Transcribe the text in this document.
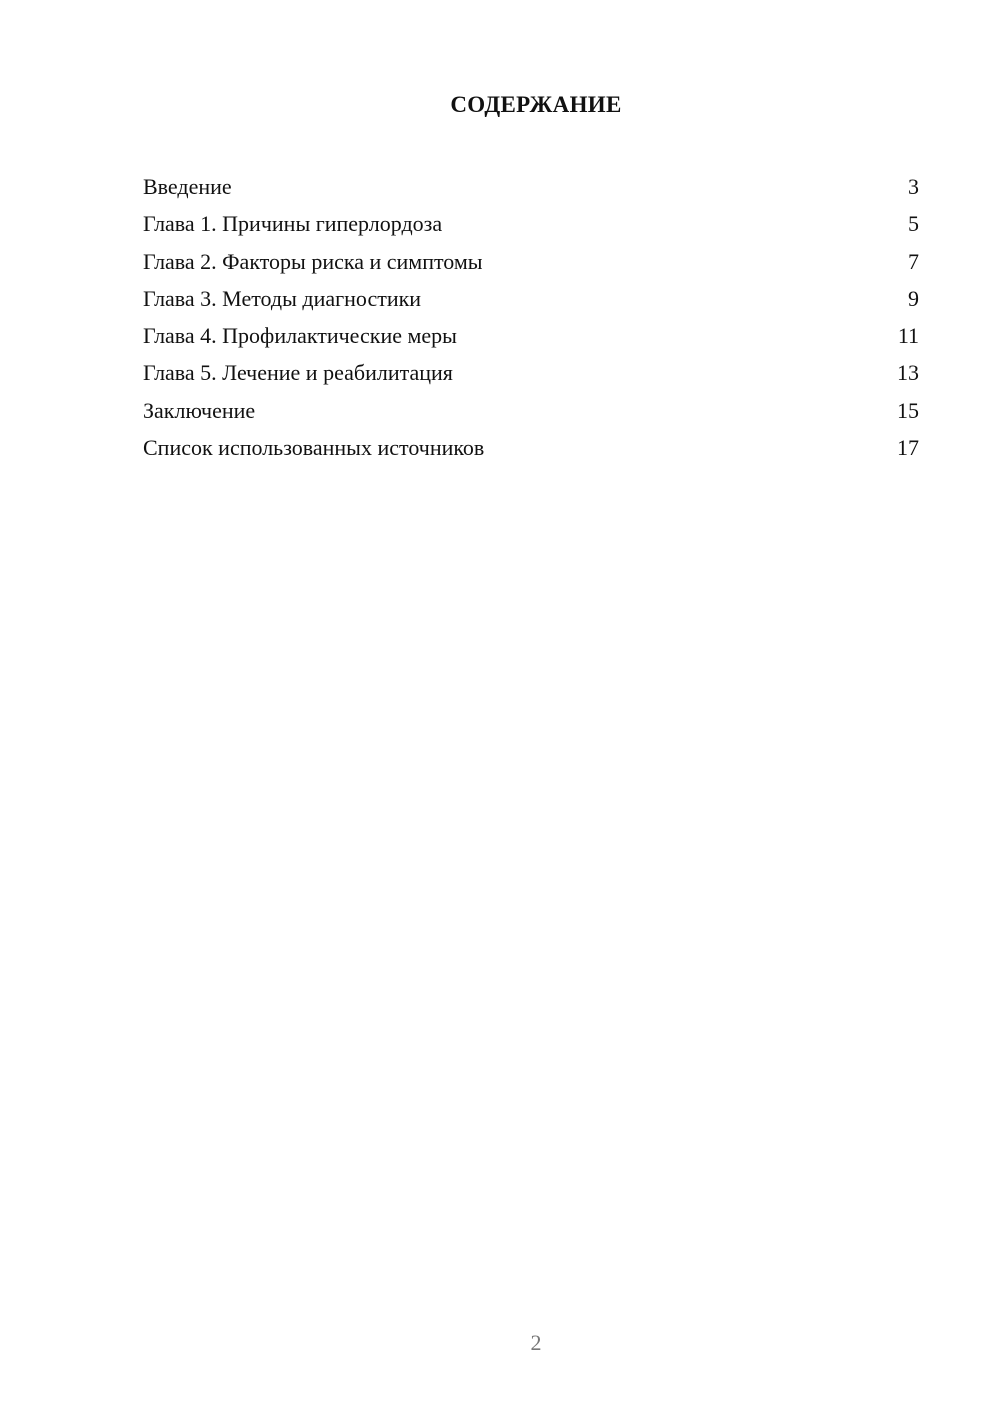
СОДЕРЖАНИЕ
Введение	3
Глава 1. Причины гиперлордоза	5
Глава 2. Факторы риска и симптомы	7
Глава 3. Методы диагностики	9
Глава 4. Профилактические меры	11
Глава 5. Лечение и реабилитация	13
Заключение	15
Список использованных источников	17
2
